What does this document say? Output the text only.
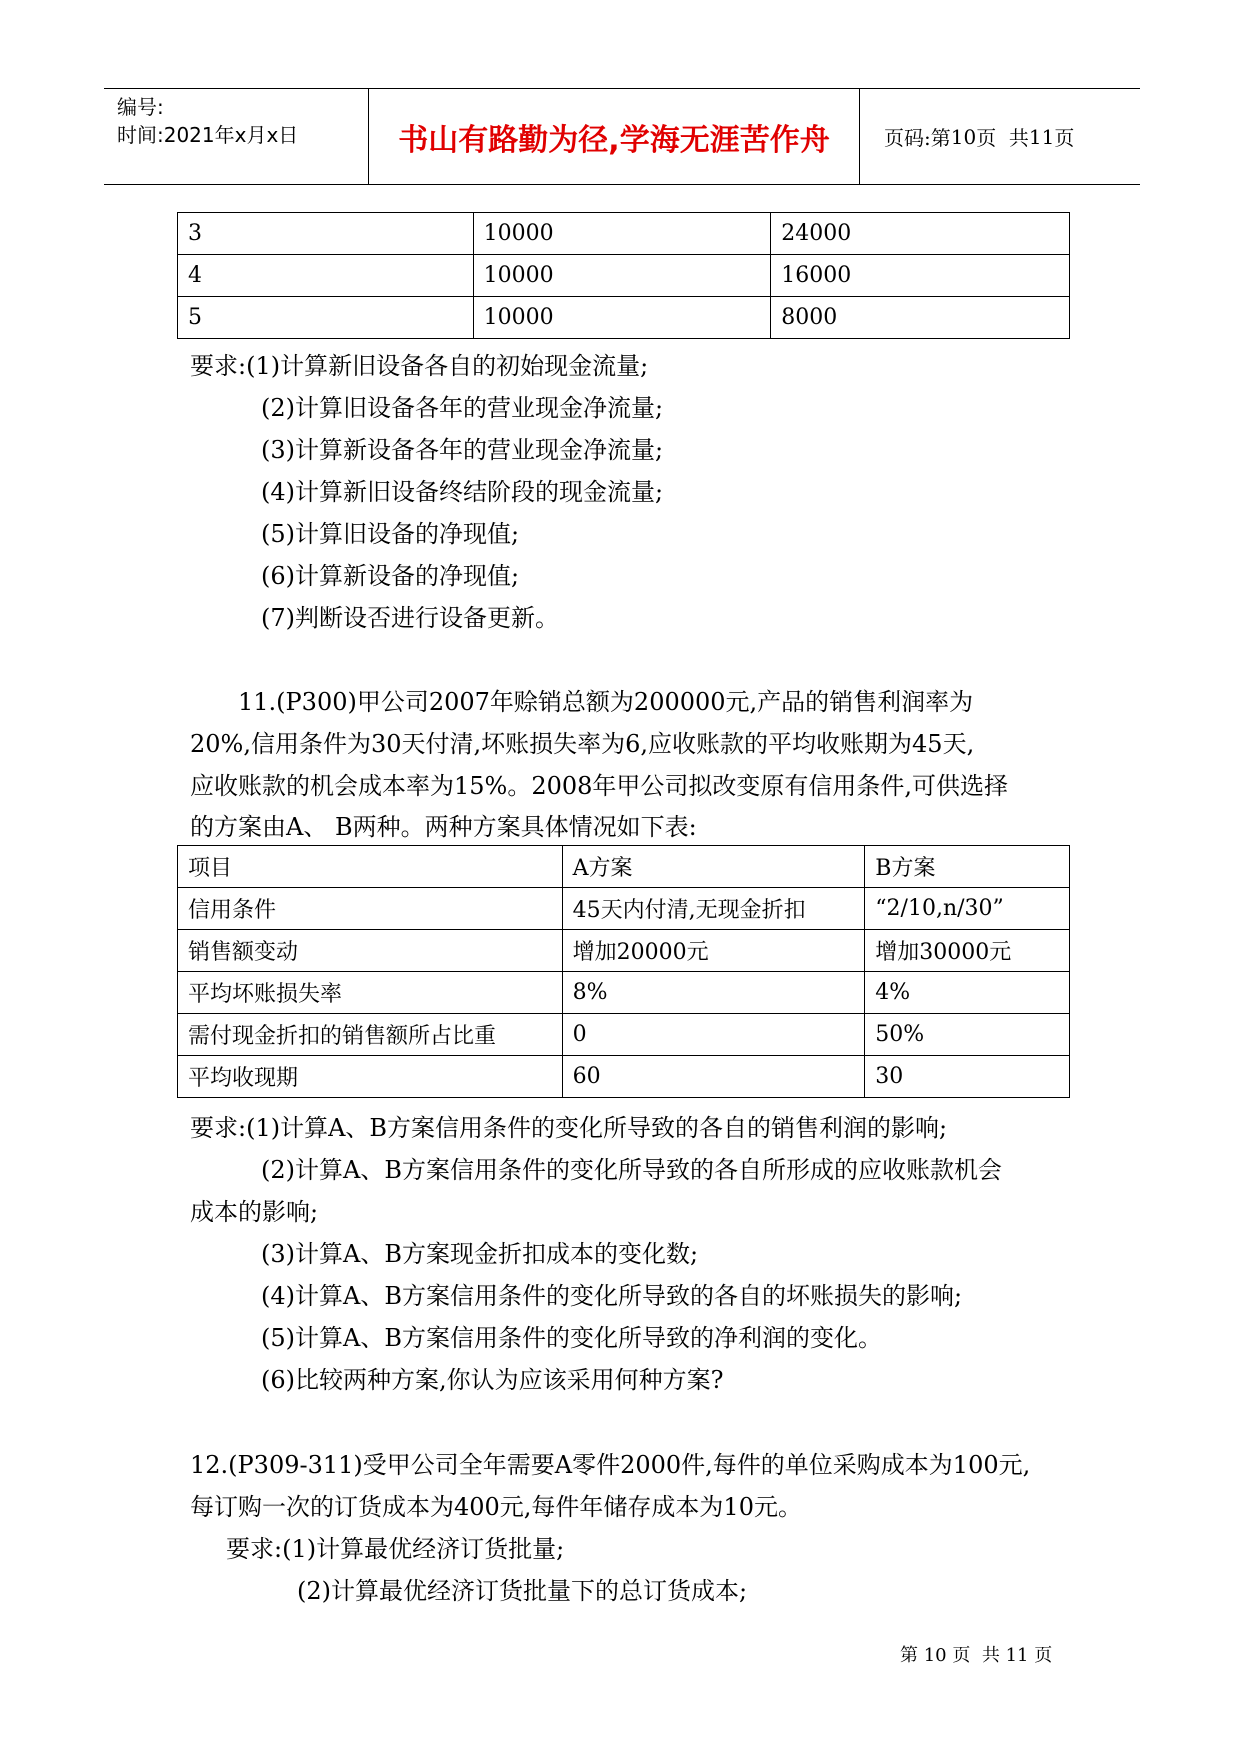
编号:
时间:2021年x月x日	书山有路勤为径,学海无涯苦作舟	页码:第 10 页  共 11 页
3	10000	24000
4	10000	16000
5	10000	8000
要求:(1)计算新旧设备各自的初始现金流量;
(2)计算旧设备各年的营业现金净流量;
(3)计算新设备各年的营业现金净流量;
(4)计算新旧设备终结阶段的现金流量;
(5)计算旧设备的净现值;
(6)计算新设备的净现值;
(7)判断设否进行设备更新。
11.(P300)甲公司2007年赊销总额为200000元,产品的销售利润率为
20%,信用条件为30天付清,坏账损失率为6,应收账款的平均收账期为45天,
应收账款的机会成本率为15%。2008年甲公司拟改变原有信用条件,可供选择
的方案由A、 B两种。两种方案具体情况如下表:
项目	A方案	B方案
信用条件	45天内付清,无现金折扣	“2/10,n/30”
销售额变动	增加20000元	增加30000元
平均坏账损失率	8%	4%
需付现金折扣的销售额所占比重	0	50%
平均收现期	60	30
要求:(1)计算A、B方案信用条件的变化所导致的各自的销售利润的影响;
(2)计算A、B方案信用条件的变化所导致的各自所形成的应收账款机会
成本的影响;
(3)计算A、B方案现金折扣成本的变化数;
(4)计算A、B方案信用条件的变化所导致的各自的坏账损失的影响;
(5)计算A、B方案信用条件的变化所导致的净利润的变化。
(6)比较两种方案,你认为应该采用何种方案?
12.(P309-311)受甲公司全年需要A零件2000件,每件的单位采购成本为100元,
每订购一次的订货成本为400元,每件年储存成本为10元。
要求:(1)计算最优经济订货批量;
(2)计算最优经济订货批量下的总订货成本;
第 10 页  共 11 页
